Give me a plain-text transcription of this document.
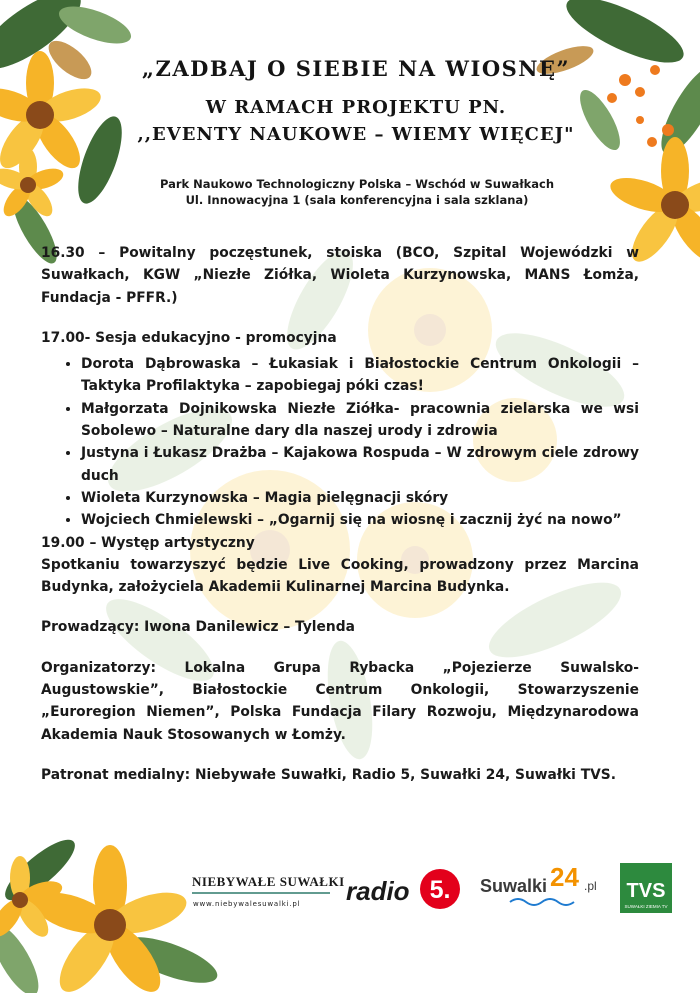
„ZADBAJ O SIEBIE NA WIOSNĘ”
W RAMACH PROJEKTU PN.
,,EVENTY NAUKOWE – WIEMY WIĘCEJ"
Park Naukowo Technologiczny Polska – Wschód w Suwałkach
Ul. Innowacyjna 1 (sala konferencyjna i sala szklana)

16.30 – Powitalny poczęstunek, stoiska (BCO, Szpital Wojewódzki w Suwałkach, KGW „Niezłe Ziółka, Wioleta Kurzynowska, MANS Łomża, Fundacja - PFFR.)

17.00- Sesja edukacyjno - promocyjna

• Dorota Dąbrowaska – Łukasiak i Białostockie Centrum Onkologii – Taktyka Profilaktyka – zapobiegaj póki czas!
• Małgorzata Dojnikowska Niezłe Ziółka- pracownia zielarska we wsi Sobolewo – Naturalne dary dla naszej urody i zdrowia
• Justyna i Łukasz Drażba – Kajakowa Rospuda – W zdrowym ciele zdrowy duch
• Wioleta Kurzynowska – Magia pielęgnacji skóry
• Wojciech Chmielewski – „Ogarnij się na wiosnę i zacznij żyć na nowo”

19.00 – Występ artystyczny

Spotkaniu towarzyszyć będzie Live Cooking, prowadzony przez Marcina Budynka, założyciela Akademii Kulinarnej Marcina Budynka.

Prowadzący: Iwona Danilewicz – Tylenda

Organizatorzy: Lokalna Grupa Rybacka „Pojezierze Suwalsko-Augustowskie”, Białostockie Centrum Onkologii, Stowarzyszenie „Euroregion Niemen”, Polska Fundacja Filary Rozwoju, Międzynarodowa Akademia Nauk Stosowanych w Łomży.

Patronat medialny: Niebywałe Suwałki, Radio 5, Suwałki 24, Suwałki TVS.

NIEBYWAŁE SUWAŁKI
www.niebywalesuwalki.pl radio 5. Suwalki 24 .pl TVS
SUWAŁKI ZIEMIA TV
